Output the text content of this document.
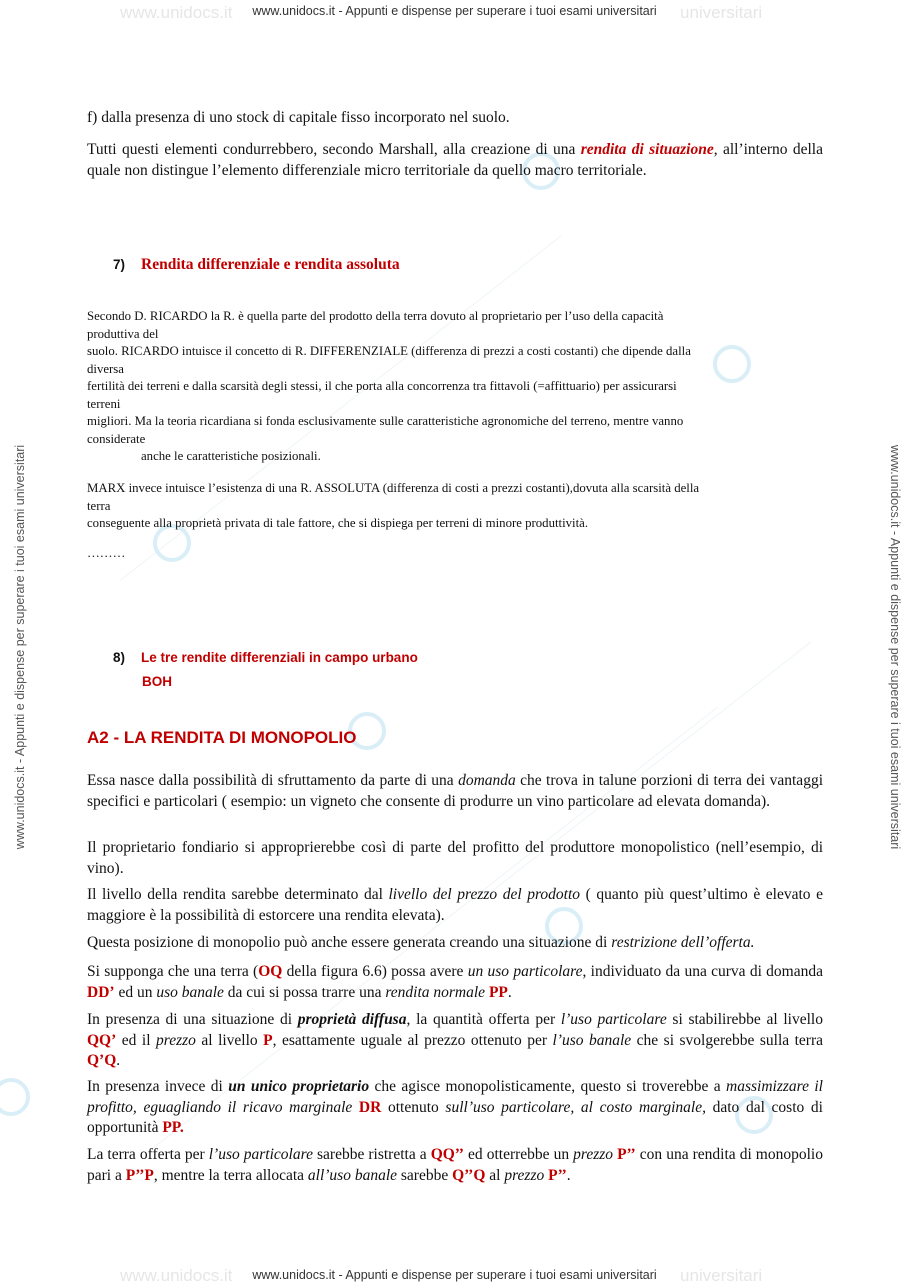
www.unidocs.it	universitari
www.unidocs.it	universitari
www.unidocs.it - Appunti e dispense per superare i tuoi esami universitari
www.unidocs.it - Appunti e dispense per superare i tuoi esami universitari
www.unidocs.it - Appunti e dispense per superare i tuoi esami universitari	www.unidocs.it - Appunti e dispense per superare i tuoi esami universitari
f) dalla presenza di uno stock di capitale fisso incorporato nel suolo.
Tutti questi elementi condurrebbero, secondo Marshall, alla creazione di una rendita di situazione, all’interno della quale non distingue l’elemento differenziale micro territoriale da quello macro territoriale.
7) Rendita differenziale e rendita assoluta
Secondo D. RICARDO la R. è quella parte del prodotto della terra dovuto al proprietario per l’uso della capacità
produttiva del
suolo. RICARDO intuisce il concetto di R. DIFFERENZIALE (differenza di prezzi a costi costanti) che dipende dalla
diversa
fertilità dei terreni e dalla scarsità degli stessi, il che porta alla concorrenza tra fittavoli (=affittuario) per assicurarsi
terreni
migliori. Ma la teoria ricardiana si fonda esclusivamente sulle caratteristiche agronomiche del terreno, mentre vanno
considerate
anche le caratteristiche posizionali.
MARX invece intuisce l’esistenza di una R. ASSOLUTA (differenza di costi a prezzi costanti),dovuta alla scarsità della
terra
conseguente alla proprietà privata di tale fattore, che si dispiega per terreni di minore produttività.
………
8) Le tre rendite differenziali in campo urbano
BOH
A2 - LA RENDITA DI MONOPOLIO
Essa nasce dalla possibilità di sfruttamento da parte di una domanda che trova in talune porzioni di terra dei vantaggi specifici e particolari ( esempio: un vigneto che consente di produrre un vino particolare ad elevata domanda).
Il proprietario fondiario si approprierebbe così di parte del profitto del produttore monopolistico (nell’esempio, di vino).
Il livello della rendita sarebbe determinato dal livello del prezzo del prodotto ( quanto più quest’ultimo è elevato e maggiore è la possibilità di estorcere una rendita elevata).
Questa posizione di monopolio può anche essere generata creando una situazione di restrizione dell’offerta.
Si supponga che una terra (OQ della figura 6.6) possa avere un uso particolare, individuato da una curva di domanda DD’ ed un uso banale da cui si possa trarre una rendita normale PP.
In presenza di una situazione di proprietà diffusa, la quantità offerta per l’uso particolare si stabilirebbe al livello QQ’ ed il prezzo al livello P, esattamente uguale al prezzo ottenuto per l’uso banale che si svolgerebbe sulla terra Q’Q.
In presenza invece di un unico proprietario che agisce monopolisticamente, questo si troverebbe a massimizzare il profitto, eguagliando il ricavo marginale DR ottenuto sull’uso particolare, al costo marginale, dato dal costo di opportunità PP.
La terra offerta per l’uso particolare sarebbe ristretta a QQ’’ ed otterrebbe un prezzo P’’ con una rendita di monopolio pari a P’’P, mentre la terra allocata all’uso banale sarebbe Q’’Q al prezzo P’’.
